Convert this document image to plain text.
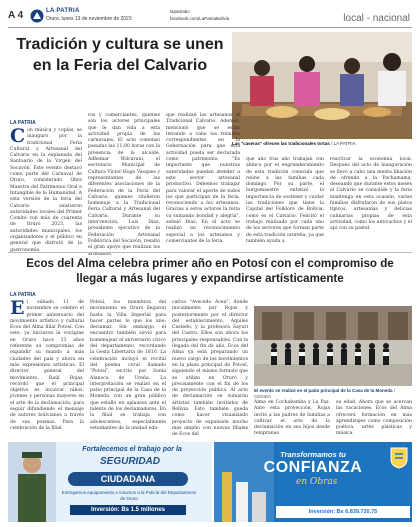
A 4	LA PATRIA
Oruro, lunes 13 de noviembre de 2023
lapatriabo
facebook.com/LaPatriaBolivia	local - nacional
Tradición y cultura se unen en la Feria del Calvario
Las "caseras" ofrecen las tradicionales tortas / LA PATRIA
LA PATRIA
Con música y coplas, se inauguró por la tradicional Feria Cultural y Artesanal del Calvario en la explanada del Santuario de la Virgen del Socavón. Este evento destacó como parte del Carnaval de Oruro, considerado Obra Maestra del Patrimonio Oral e Intangible de la Humanidad. A esta versión de la feria del Calvario asistieron autoridades locales del Primer Comité con más de cuarenta de Oruro 2023, las autoridades municipales, los organizadores y el público en general que disfrutó de la gastronomía.
ros y comerciantes, quienes son los actores principales que le dan vida a esta actividad propia de los carnavales. El acto comenzó pasadas las 11:00 horas con la presencia de la alcalde, Adhemar Wilcarani, el secretario Municipal de Cultura Víctor Hugo Vásquez y representantes de las diferentes asociaciones de la Federación de la Feria del Calvario, quienes rindieron homenaje a la Tradicional Feria Cultural y Artesanal del Calvario. Durante su intervención, Luis Diaz, presidente ejecutivo de la Federación Artesanal Folklórica del Socavón, resaltó el gran apoyo que realizan los artesanos.
que realizan los artesanos al Tradicional Calvario. Además, mencionó que se están llevando a cabo los trámites correspondientes en la Gobernación para que esta actividad pueda ser declarada como patrimonio. "Es importante que nuestras autoridades puedan atender a este sector artesanal productivo. Debemos trabajar para valorar el aporte de todos los que participan de la feria, reconociendo a los artesanos. Gracias a estos actores la feria va sumando bondad y alegría", señaló Diaz. En el acto se realizó un reconocimiento especial a los artesanos y comerciantes de la feria.
que año tras año trabajan con ahínco por el engrandecimiento de esta tradición conocida que reúne a las familias cada domingo. Por su parte, el burgomaestre enfatizó la importancia de sostener y cuidar las tradiciones que tiene la Capital del Folklore de Bolivia, como es el Calvario. Felicitó el trabajo realizado por cada uno de los sectores que forman parte de esta tradición orureña, ya que también ayuda a
reactivar la economía local. Después del acto de inauguración se llevó a cabo una menta libación de ofrenda a la Pachamama, deseando que durante estos meses el Calvario se consolide y la feria mantenga en esta ocasión, varias familias disfrutaron de sus platos típicos, artesanías y delicias culinarias propias de esta actividad, como los anticuchos y el api con su pastel.
Ecos del Alma celebra primer año en Potosí con el compromiso de llegar a más lugares y expandirse artísticamente
LA PATRIA
El sábado 11 de noviembre se celebró el primer aniversario del movimiento artístico y cultural Ecos del Alma filial Potosí. Con este, ya iniciaron la vorágine en Oruro hace 13 años referente su compromiso de expandir su mundo a más ciudades del país y ahora en más expresiones artísticas. El director general del movimiento, Raúl Rojas, recordó que el principal objetivo es inculcar niños, jóvenes y personas mayores en el arte de la declamación, para seguir difundiendo el mensaje de autores bolivianos a través de sus poemas. Para la celebración de la filial
Potosí, los miembros del movimiento en Oruro llegaron hasta la Villa Imperial para hacer partes lo que los une: declamar. Sin embargo, el encuentro también sirvió para homenajear el aniversario cívico del departamento, recordando la Gesta Libertaria de 1810. La celebración incluyó el recital del poema coral llamado "Potosí", escrito por Sonia Alanoca de Ureña. La interpretación se realizó en el patio principal de la Casa de la Moneda, con un gran público que estalló en aplausos ante el talento de los declamadores. En la filial se trabaja con adolescentes, especialmente estudiantes de la unidad edu-
cativa "Avecedo Acea", donde inicialmente por Rojas y posteriormente por el director del establecimiento, Aquiles Castedo, y la profesora Sayuri del Castro. Ellos son ahora los principales responsables. Con la llegada del fin de año, Ecos del Alma ya está preparando un nuevo cargo de los movimientos en la plaza principal de Potosí, siguiendo el mismo formato que se utiliza en Oruro y precisamente con el fin de los de proyección pública. Al acto de declamación se sumarán artistas también invitados de Bolivia. Esto también queda como hacer visualizado proyecto de expansión mucho más amplio con nuevas filiales de Ecos del
El evento se realizó en el patio principal de la Casa de la Moneda / CEDIDA
Alma en Cochabamba y La Paz. Ante esta proyección, Rojas invitó a las padres de familias a cultivar el arte de la declamación en sus hijos desde tempranas
su edad. Ahora que se acercan las vacaciones, Ecos del Alma ofrecerá formación en más aprendizajes como composición poética, artes plásticas y música.
Fortalecemos el trabajo por la
SEGURIDAD
CIUDADANA
Entregamos equipamiento e insumos a la Policía del Departamento de Oruro
Inversión: Bs 1.5 millones
Transformamos tu
CONFIANZA
en Obras
Inversión: Bs 6.839.720,75
